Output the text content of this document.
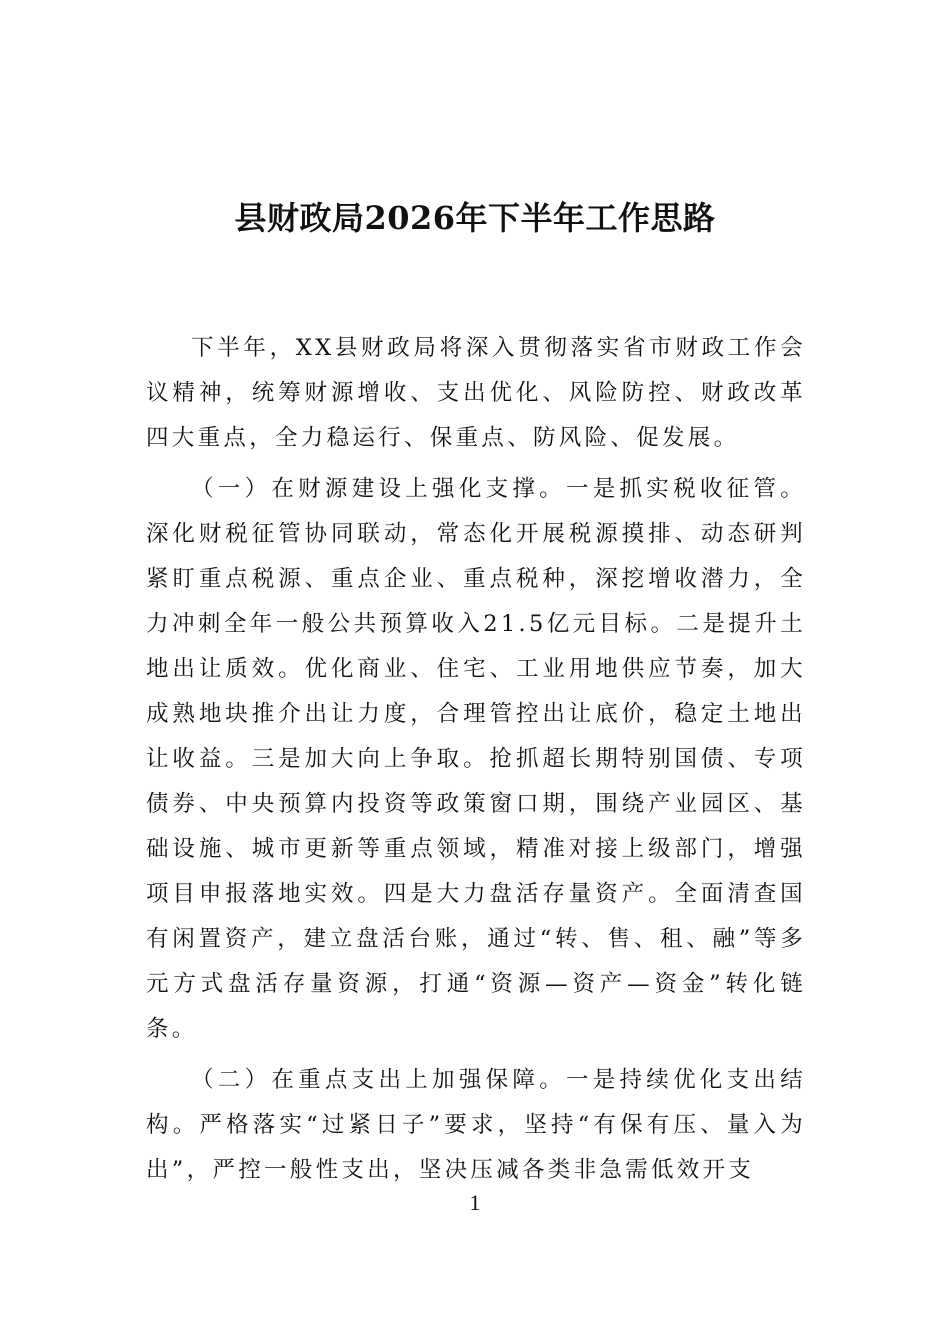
县财政局2026年下半年工作思路

下半年，XX县财政局将深入贯彻落实省市财政工作会议精神，统筹财源增收、支出优化、风险防控、财政改革四大重点，全力稳运行、保重点、防风险、促发展。

（一）在财源建设上强化支撑。一是抓实税收征管。深化财税征管协同联动，常态化开展税源摸排、动态研判紧盯重点税源、重点企业、重点税种，深挖增收潜力，全力冲刺全年一般公共预算收入21.5亿元目标。二是提升土地出让质效。优化商业、住宅、工业用地供应节奏，加大成熟地块推介出让力度，合理管控出让底价，稳定土地出让收益。三是加大向上争取。抢抓超长期特别国债、专项债券、中央预算内投资等政策窗口期，围绕产业园区、基础设施、城市更新等重点领域，精准对接上级部门，增强项目申报落地实效。四是大力盘活存量资产。全面清查国有闲置资产，建立盘活台账，通过“转、售、租、融”等多元方式盘活存量资源，打通“资源—资产—资金”转化链条。

（二）在重点支出上加强保障。一是持续优化支出结构。严格落实“过紧日子”要求，坚持“有保有压、量入为出”，严控一般性支出，坚决压减各类非急需低效开支

1
